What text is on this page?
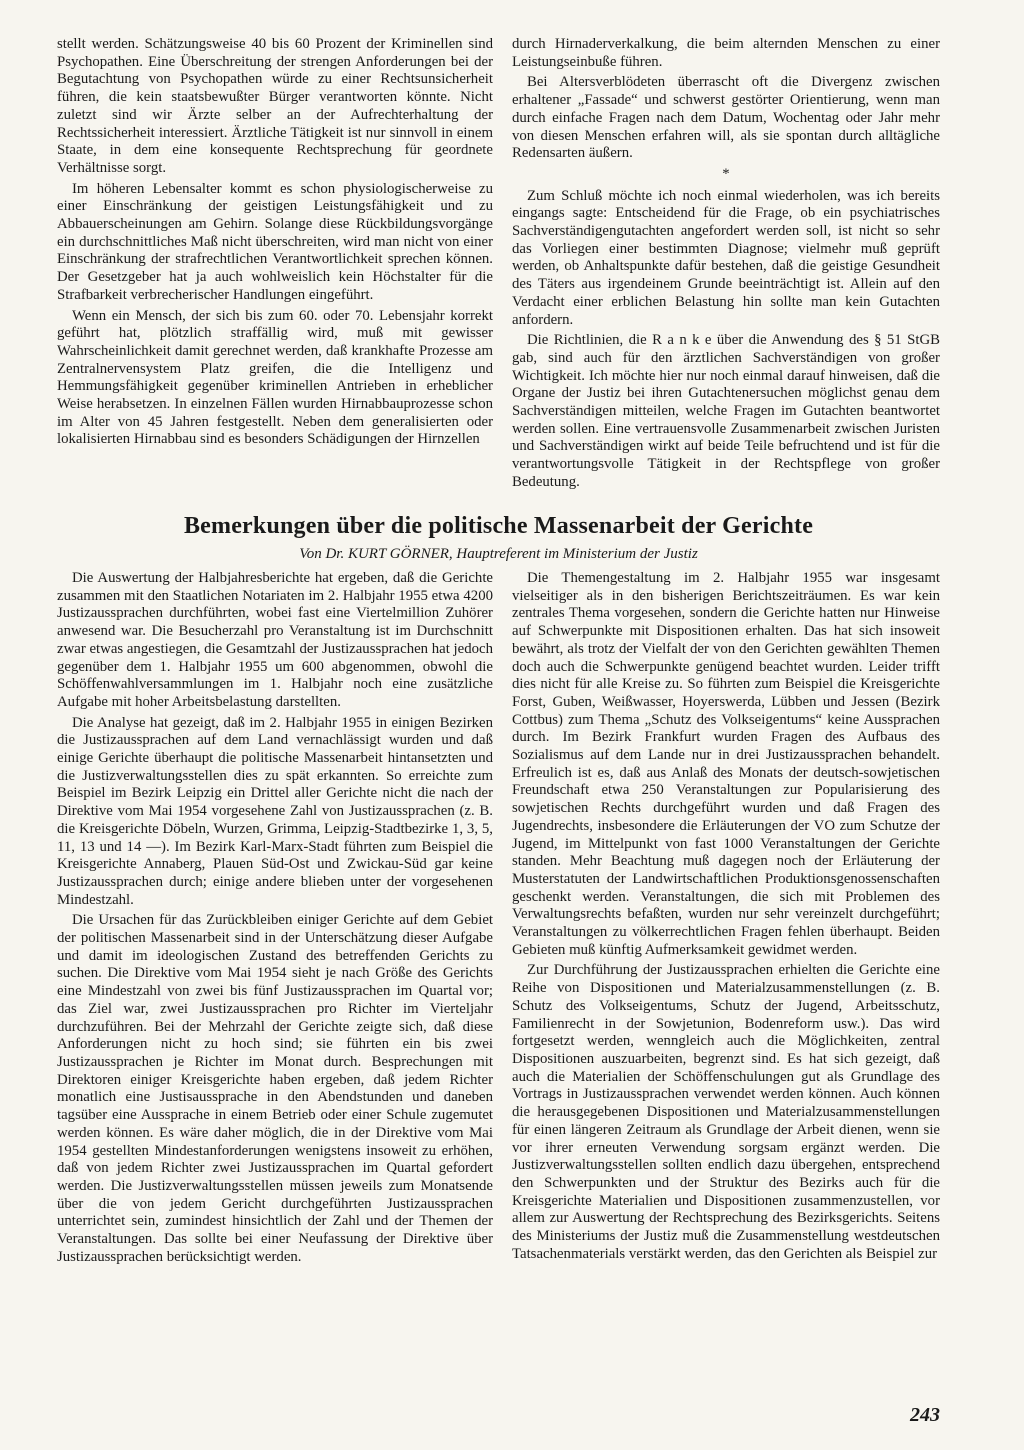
stellt werden. Schätzungsweise 40 bis 60 Prozent der Kriminellen sind Psychopathen. Eine Überschreitung der strengen Anforderungen bei der Begutachtung von Psychopathen würde zu einer Rechtsunsicherheit führen, die kein staatsbewußter Bürger verantworten könnte. Nicht zuletzt sind wir Ärzte selber an der Aufrechterhaltung der Rechtssicherheit interessiert. Ärztliche Tätigkeit ist nur sinnvoll in einem Staate, in dem eine konsequente Rechtsprechung für geordnete Verhältnisse sorgt.

Im höheren Lebensalter kommt es schon physiologischerweise zu einer Einschränkung der geistigen Leistungsfähigkeit und zu Abbauerscheinungen am Gehirn. Solange diese Rückbildungsvorgänge ein durchschnittliches Maß nicht überschreiten, wird man nicht von einer Einschränkung der strafrechtlichen Verantwortlichkeit sprechen können. Der Gesetzgeber hat ja auch wohlweislich kein Höchstalter für die Strafbarkeit verbrecherischer Handlungen eingeführt.

Wenn ein Mensch, der sich bis zum 60. oder 70. Lebensjahr korrekt geführt hat, plötzlich straffällig wird, muß mit gewisser Wahrscheinlichkeit damit gerechnet werden, daß krankhafte Prozesse am Zentralnervensystem Platz greifen, die die Intelligenz und Hemmungsfähigkeit gegenüber kriminellen Antrieben in erheblicher Weise herabsetzen. In einzelnen Fällen wurden Hirnabbauprozesse schon im Alter von 45 Jahren festgestellt. Neben dem generalisierten oder lokalisierten Hirnabbau sind es besonders Schädigungen der Hirnzellen

durch Hirnaderverkalkung, die beim alternden Menschen zu einer Leistungseinbuße führen.

Bei Altersverblödeten überrascht oft die Divergenz zwischen erhaltener „Fassade“ und schwerst gestörter Orientierung, wenn man durch einfache Fragen nach dem Datum, Wochentag oder Jahr mehr von diesen Menschen erfahren will, als sie spontan durch alltägliche Redensarten äußern.

*

Zum Schluß möchte ich noch einmal wiederholen, was ich bereits eingangs sagte: Entscheidend für die Frage, ob ein psychiatrisches Sachverständigengutachten angefordert werden soll, ist nicht so sehr das Vorliegen einer bestimmten Diagnose; vielmehr muß geprüft werden, ob Anhaltspunkte dafür bestehen, daß die geistige Gesundheit des Täters aus irgendeinem Grunde beeinträchtigt ist. Allein auf den Verdacht einer erblichen Belastung hin sollte man kein Gutachten anfordern.

Die Richtlinien, die R a n k e über die Anwendung des § 51 StGB gab, sind auch für den ärztlichen Sachverständigen von großer Wichtigkeit. Ich möchte hier nur noch einmal darauf hinweisen, daß die Organe der Justiz bei ihren Gutachtenersuchen möglichst genau dem Sachverständigen mitteilen, welche Fragen im Gutachten beantwortet werden sollen. Eine vertrauensvolle Zusammenarbeit zwischen Juristen und Sachverständigen wirkt auf beide Teile befruchtend und ist für die verantwortungsvolle Tätigkeit in der Rechtspflege von großer Bedeutung.

Bemerkungen über die politische Massenarbeit der Gerichte
Von Dr. KURT GÖRNER, Hauptreferent im Ministerium der Justiz

Die Auswertung der Halbjahresberichte hat ergeben, daß die Gerichte zusammen mit den Staatlichen Notariaten im 2. Halbjahr 1955 etwa 4200 Justizaussprachen durchführten, wobei fast eine Viertelmillion Zuhörer anwesend war. Die Besucherzahl pro Veranstaltung ist im Durchschnitt zwar etwas angestiegen, die Gesamtzahl der Justizaussprachen hat jedoch gegenüber dem 1. Halbjahr 1955 um 600 abgenommen, obwohl die Schöffenwahlversammlungen im 1. Halbjahr noch eine zusätzliche Aufgabe mit hoher Arbeitsbelastung darstellten.

Die Analyse hat gezeigt, daß im 2. Halbjahr 1955 in einigen Bezirken die Justizaussprachen auf dem Land vernachlässigt wurden und daß einige Gerichte überhaupt die politische Massenarbeit hintansetzten und die Justizverwaltungsstellen dies zu spät erkannten. So erreichte zum Beispiel im Bezirk Leipzig ein Drittel aller Gerichte nicht die nach der Direktive vom Mai 1954 vorgesehene Zahl von Justizaussprachen (z. B. die Kreisgerichte Döbeln, Wurzen, Grimma, Leipzig-Stadtbezirke 1, 3, 5, 11, 13 und 14 —). Im Bezirk Karl-Marx-Stadt führten zum Beispiel die Kreisgerichte Annaberg, Plauen Süd-Ost und Zwickau-Süd gar keine Justizaussprachen durch; einige andere blieben unter der vorgesehenen Mindestzahl.

Die Ursachen für das Zurückbleiben einiger Gerichte auf dem Gebiet der politischen Massenarbeit sind in der Unterschätzung dieser Aufgabe und damit im ideologischen Zustand des betreffenden Gerichts zu suchen. Die Direktive vom Mai 1954 sieht je nach Größe des Gerichts eine Mindestzahl von zwei bis fünf Justizaussprachen im Quartal vor; das Ziel war, zwei Justizaussprachen pro Richter im Vierteljahr durchzuführen. Bei der Mehrzahl der Gerichte zeigte sich, daß diese Anforderungen nicht zu hoch sind; sie führten ein bis zwei Justizaussprachen je Richter im Monat durch. Besprechungen mit Direktoren einiger Kreisgerichte haben ergeben, daß jedem Richter monatlich eine Justisaussprache in den Abendstunden und daneben tagsüber eine Aussprache in einem Betrieb oder einer Schule zugemutet werden können. Es wäre daher möglich, die in der Direktive vom Mai 1954 gestellten Mindestanforderungen wenigstens insoweit zu erhöhen, daß von jedem Richter zwei Justizaussprachen im Quartal gefordert werden. Die Justizverwaltungsstellen müssen jeweils zum Monatsende über die von jedem Gericht durchgeführten Justizaussprachen unterrichtet sein, zumindest hinsichtlich der Zahl und der Themen der Veranstaltungen. Das sollte bei einer Neufassung der Direktive über Justizaussprachen berücksichtigt werden.

Die Themengestaltung im 2. Halbjahr 1955 war insgesamt vielseitiger als in den bisherigen Berichtszeiträumen. Es war kein zentrales Thema vorgesehen, sondern die Gerichte hatten nur Hinweise auf Schwerpunkte mit Dispositionen erhalten. Das hat sich insoweit bewährt, als trotz der Vielfalt der von den Gerichten gewählten Themen doch auch die Schwerpunkte genügend beachtet wurden. Leider trifft dies nicht für alle Kreise zu. So führten zum Beispiel die Kreisgerichte Forst, Guben, Weißwasser, Hoyerswerda, Lübben und Jessen (Bezirk Cottbus) zum Thema „Schutz des Volkseigentums“ keine Aussprachen durch. Im Bezirk Frankfurt wurden Fragen des Aufbaus des Sozialismus auf dem Lande nur in drei Justizaussprachen behandelt. Erfreulich ist es, daß aus Anlaß des Monats der deutsch-sowjetischen Freundschaft etwa 250 Veranstaltungen zur Popularisierung des sowjetischen Rechts durchgeführt wurden und daß Fragen des Jugendrechts, insbesondere die Erläuterungen der VO zum Schutze der Jugend, im Mittelpunkt von fast 1000 Veranstaltungen der Gerichte standen. Mehr Beachtung muß dagegen noch der Erläuterung der Musterstatuten der Landwirtschaftlichen Produktionsgenossenschaften geschenkt werden. Veranstaltungen, die sich mit Problemen des Verwaltungsrechts befaßten, wurden nur sehr vereinzelt durchgeführt; Veranstaltungen zu völkerrechtlichen Fragen fehlen überhaupt. Beiden Gebieten muß künftig Aufmerksamkeit gewidmet werden.

Zur Durchführung der Justizaussprachen erhielten die Gerichte eine Reihe von Dispositionen und Materialzusammenstellungen (z. B. Schutz des Volkseigentums, Schutz der Jugend, Arbeitsschutz, Familienrecht in der Sowjetunion, Bodenreform usw.). Das wird fortgesetzt werden, wenngleich auch die Möglichkeiten, zentral Dispositionen auszuarbeiten, begrenzt sind. Es hat sich gezeigt, daß auch die Materialien der Schöffenschulungen gut als Grundlage des Vortrags in Justizaussprachen verwendet werden können. Auch können die herausgegebenen Dispositionen und Materialzusammenstellungen für einen längeren Zeitraum als Grundlage der Arbeit dienen, wenn sie vor ihrer erneuten Verwendung sorgsam ergänzt werden. Die Justizverwaltungsstellen sollten endlich dazu übergehen, entsprechend den Schwerpunkten und der Struktur des Bezirks auch für die Kreisgerichte Materialien und Dispositionen zusammenzustellen, vor allem zur Auswertung der Rechtsprechung des Bezirksgerichts. Seitens des Ministeriums der Justiz muß die Zusammenstellung westdeutschen Tatsachenmaterials verstärkt werden, das den Gerichten als Beispiel zur

243
